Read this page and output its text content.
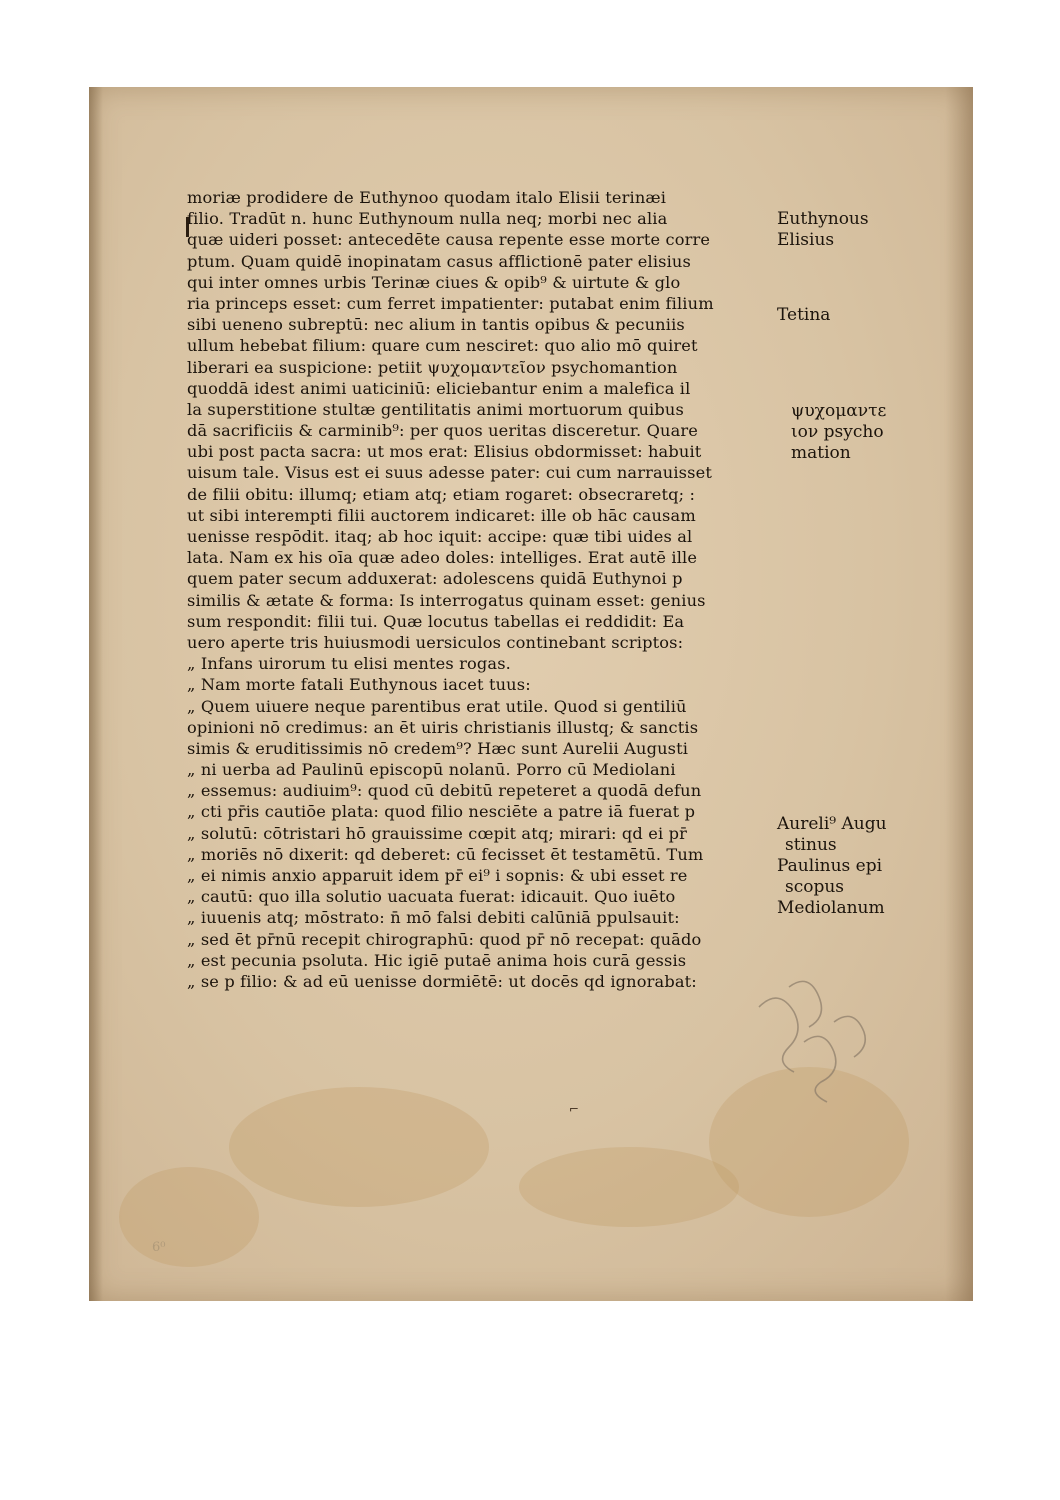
moriæ prodidere de Euthynoo quodam italo Elisii terinæi
filio. Tradūt n. hunc Euthynoum nulla neq; morbi nec alia
quæ uideri posset: antecedēte causa repente esse morte corre
ptum. Quam quidē inopinatam casus afflictionē pater elisius
qui inter omnes urbis Terinæ ciues & opib⁹ & uirtute & glo
ria princeps esset: cum ferret impatienter: putabat enim filium
sibi ueneno subreptū: nec alium in tantis opibus & pecuniis
ullum hebebat filium: quare cum nesciret: quo alio mō quiret
liberari ea suspicione: petiit ψυχομαντεῖον psychomantion
quoddā idest animi uaticiniū: eliciebantur enim a malefica il
la superstitione stultæ gentilitatis animi mortuorum quibus
dā sacrificiis & carminib⁹: per quos ueritas disceretur. Quare
ubi post pacta sacra: ut mos erat: Elisius obdormisset: habuit
uisum tale. Visus est ei suus adesse pater: cui cum narrauisset
de filii obitu: illumq; etiam atq; etiam rogaret: obsecraretq; :
ut sibi interempti filii auctorem indicaret: ille ob hāc causam
uenisse respōdit. itaq; ab hoc iquit: accipe: quæ tibi uides al
lata. Nam ex his oīa quæ adeo doles: intelliges. Erat autē ille
quem pater secum adduxerat: adolescens quidā Euthynoi p
similis & ætate & forma: Is interrogatus quinam esset: genius
sum respondit: filii tui. Quæ locutus tabellas ei reddidit: Ea
uero aperte tris huiusmodi uersiculos continebant scriptos:
„ Infans uirorum tu elisi mentes rogas.
„ Nam morte fatali Euthynous iacet tuus:
„ Quem uiuere neque parentibus erat utile. Quod si gentiliū
opinioni nō credimus: an ēt uiris christianis illustq; & sanctis
simis & eruditissimis nō credem⁹? Hæc sunt Aurelii Augusti
„ ni uerba ad Paulinū episcopū nolanū. Porro cū Mediolani
„ essemus: audiuim⁹: quod cū debitū repeteret a quodā defun
„ cti pr̄is cautiōe plata: quod filio nesciēte a patre iā fuerat p
„ solutū: cōtristari hō grauissime cœpit atq; mirari: qd ei pr̄
„ moriēs nō dixerit: qd deberet: cū fecisset ēt testamētū. Tum
„ ei nimis anxio apparuit idem pr̄ ei⁹ i sopnis: & ubi esset re
„ cautū: quo illa solutio uacuata fuerat: idicauit. Quo iuēto
„ iuuenis atq; mōstrato: n̄ mō falsi debiti calūniā ppulsauit:
„ sed ēt pr̄nū recepit chirographū: quod pr̄ nō recepat: quādo
„ est pecunia psoluta. Hic igiē putaē anima hois curā gessis
„ se p filio: & ad eū uenisse dormiētē: ut docēs qd ignorabat:
Euthynous
Elisius
Tetina
ψυχομαντε
ιον psycho
mation
Aureli⁹ Augu
stinus
Paulinus epi
scopus
Mediolanum
⌐
6⁰
